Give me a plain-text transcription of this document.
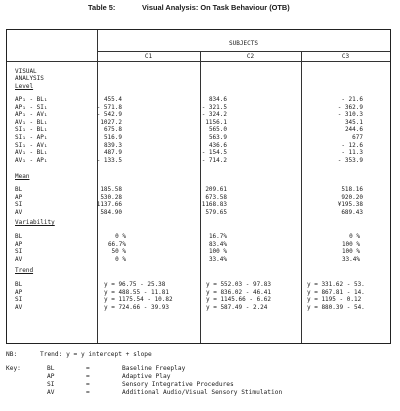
Table 5:	Visual Analysis: On Task Behaviour (OTB)
SUBJECTS
C1	C2	C3
VISUAL
ANALYSIS
Level
AP₁ - BL₁	455.4	834.6	- 21.6
AP₁ - SI₁	- 571.8	- 321.5	- 362.9
AP₁ - AV₁	- 542.9	- 324.2	- 310.3
AV₁ - BL₁	1027.2	1156.1	345.1
SI₁ - BL₁	675.8	565.0	244.6
SI₁ - AP₁	516.9	563.9	677
SI₁ - AV₁	839.3	436.6	- 12.6
AV₁ - BL₁	487.9	- 154.5	- 11.3
AV₁ - AP₁	- 133.5	- 714.2	- 353.9
Mean
BL	185.58	209.61	518.16
AP	530.28	673.58	920.20
SI	1137.66	1168.83	¥195.38
AV	584.90	579.65	689.43
Variability
BL	0 %	16.7%	0 %
AP	66.7%	83.4%	100 %
SI	50 %	100 %	100 %
AV	0 %	33.4%	33.4%
Trend
BL	y = 96.75 - 25.38	y = 552.03 - 97.83	y = 331.62 - 53.
AP	y = 488.55 - 11.81	y = 836.02 - 46.41	y = 867.81 - 14.
SI	y = 1175.54 - 10.82	y = 1145.66 - 6.62	y = 1195 - 0.12
AV	y = 724.66 - 39.93	y = 587.49 - 2.24	y = 880.39 - 54.
NB:	Trend: y = y intercept + slope
Key:	BL	=	Baseline Freeplay
AP	=	Adaptive Play
SI	=	Sensory Integrative Procedures
AV	=	Additional Audio/Visual Sensory Stimulation
